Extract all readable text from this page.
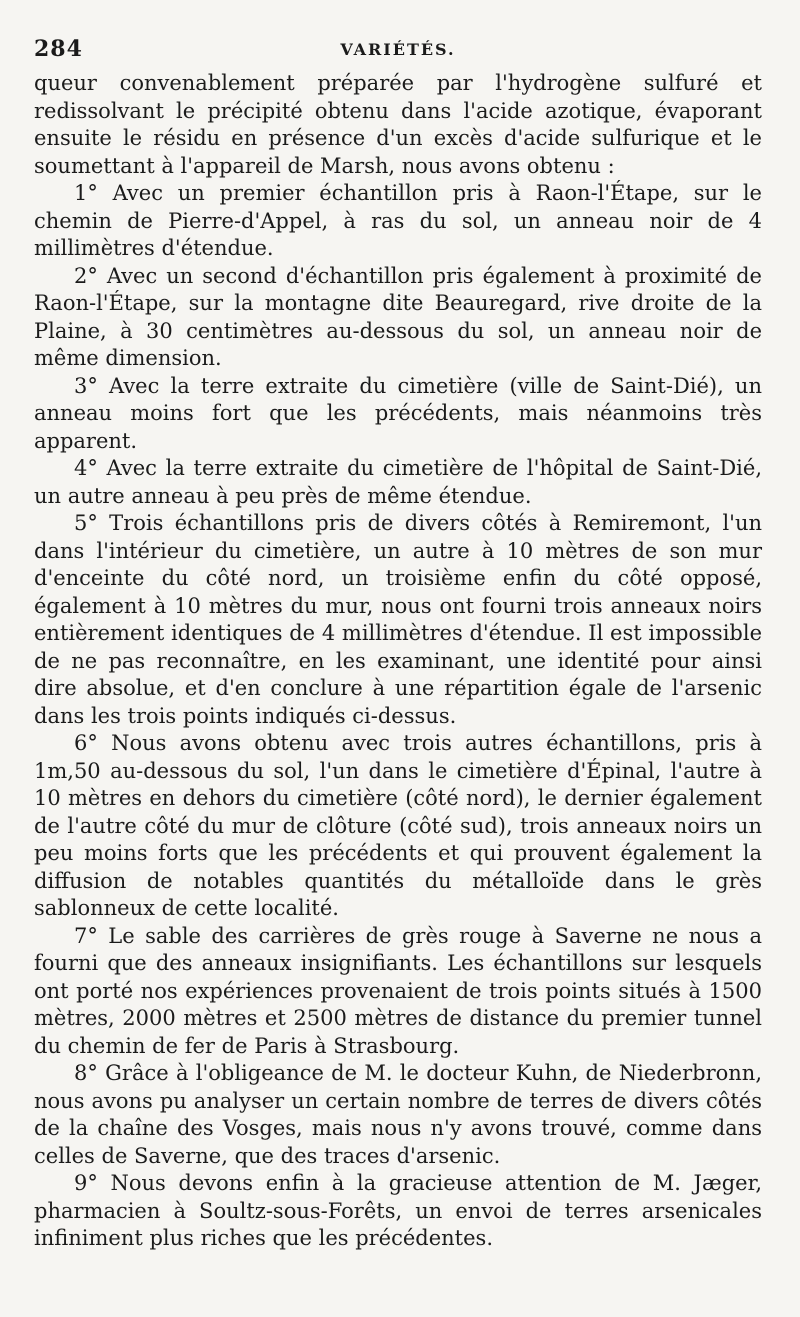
284	VARIÉTÉS.

queur convenablement préparée par l'hydrogène sulfuré et redissolvant le précipité obtenu dans l'acide azotique, évaporant ensuite le résidu en présence d'un excès d'acide sulfurique et le soumettant à l'appareil de Marsh, nous avons obtenu :

1° Avec un premier échantillon pris à Raon-l'Étape, sur le chemin de Pierre-d'Appel, à ras du sol, un anneau noir de 4 millimètres d'étendue.

2° Avec un second d'échantillon pris également à proximité de Raon-l'Étape, sur la montagne dite Beauregard, rive droite de la Plaine, à 30 centimètres au-dessous du sol, un anneau noir de même dimension.

3° Avec la terre extraite du cimetière (ville de Saint-Dié), un anneau moins fort que les précédents, mais néanmoins très apparent.

4° Avec la terre extraite du cimetière de l'hôpital de Saint-Dié, un autre anneau à peu près de même étendue.

5° Trois échantillons pris de divers côtés à Remiremont, l'un dans l'intérieur du cimetière, un autre à 10 mètres de son mur d'enceinte du côté nord, un troisième enfin du côté opposé, également à 10 mètres du mur, nous ont fourni trois anneaux noirs entièrement identiques de 4 millimètres d'étendue. Il est impossible de ne pas reconnaître, en les examinant, une identité pour ainsi dire absolue, et d'en conclure à une répartition égale de l'arsenic dans les trois points indiqués ci-dessus.

6° Nous avons obtenu avec trois autres échantillons, pris à 1m,50 au-dessous du sol, l'un dans le cimetière d'Épinal, l'autre à 10 mètres en dehors du cimetière (côté nord), le dernier également de l'autre côté du mur de clôture (côté sud), trois anneaux noirs un peu moins forts que les précédents et qui prouvent également la diffusion de notables quantités du métalloïde dans le grès sablonneux de cette localité.

7° Le sable des carrières de grès rouge à Saverne ne nous a fourni que des anneaux insignifiants. Les échantillons sur lesquels ont porté nos expériences provenaient de trois points situés à 1500 mètres, 2000 mètres et 2500 mètres de distance du premier tunnel du chemin de fer de Paris à Strasbourg.

8° Grâce à l'obligeance de M. le docteur Kuhn, de Niederbronn, nous avons pu analyser un certain nombre de terres de divers côtés de la chaîne des Vosges, mais nous n'y avons trouvé, comme dans celles de Saverne, que des traces d'arsenic.

9° Nous devons enfin à la gracieuse attention de M. Jæger, pharmacien à Soultz-sous-Forêts, un envoi de terres arsenicales infiniment plus riches que les précédentes.
